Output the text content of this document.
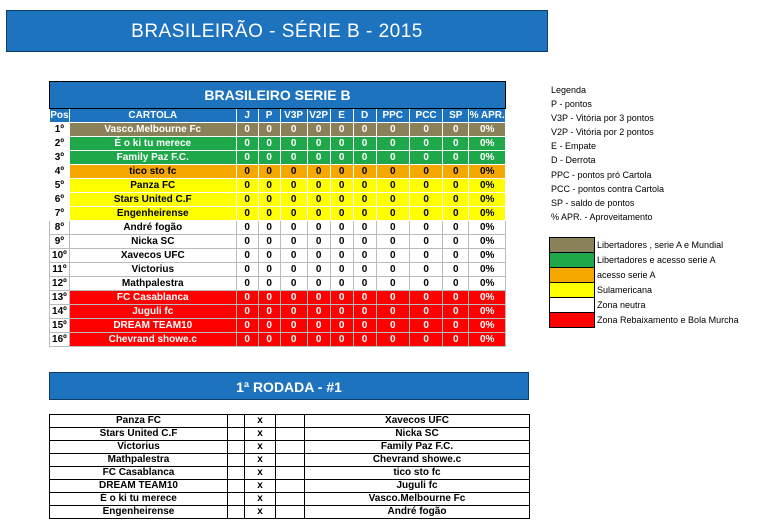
BRASILEIRÃO - SÉRIE B - 2015
BRASILEIRO SERIE B											
Pos	CARTOLA	J	P	V3P	V2P	E	D	PPC	PCC	SP	% APR.
1º	Vasco.Melbourne Fc	0	0	0	0	0	0	0	0	0	0%
2º	É o ki tu merece	0	0	0	0	0	0	0	0	0	0%
3º	Family Paz F.C.	0	0	0	0	0	0	0	0	0	0%
4º	tico sto fc	0	0	0	0	0	0	0	0	0	0%
5º	Panza FC	0	0	0	0	0	0	0	0	0	0%
6º	Stars United C.F	0	0	0	0	0	0	0	0	0	0%
7º	Engenheirense	0	0	0	0	0	0	0	0	0	0%
8º	André fogão	0	0	0	0	0	0	0	0	0	0%
9º	Nicka SC	0	0	0	0	0	0	0	0	0	0%
10º	Xavecos UFC	0	0	0	0	0	0	0	0	0	0%
11º	Victorius	0	0	0	0	0	0	0	0	0	0%
12º	Mathpalestra	0	0	0	0	0	0	0	0	0	0%
13º	FC Casablanca	0	0	0	0	0	0	0	0	0	0%
14º	Juguli fc	0	0	0	0	0	0	0	0	0	0%
15º	DREAM TEAM10	0	0	0	0	0	0	0	0	0	0%
16º	Chevrand showe.c	0	0	0	0	0	0	0	0	0	0%
Legenda
P - pontos
V3P - Vitória por 3 pontos
V2P - Vitória por 2 pontos
E - Empate
D - Derrota
PPC - pontos pró Cartola
PCC - pontos contra Cartola
SP - saldo de pontos
% APR. - Aproveitamento
	Libertadores , serie A e Mundial
	Libertadores e acesso serie A
	acesso serie A
	Sulamericana
	Zona neutra
	Zona Rebaixamento e Bola Murcha
1ª RODADA - #1
Panza FC		x		Xavecos UFC
Stars United C.F		x		Nicka SC
Victorius		x		Family Paz F.C.
Mathpalestra		x		Chevrand showe.c
FC Casablanca		x		tico sto fc
DREAM TEAM10		x		Juguli fc
É o ki tu merece		x		Vasco.Melbourne Fc
Engenheirense		x		André fogão
